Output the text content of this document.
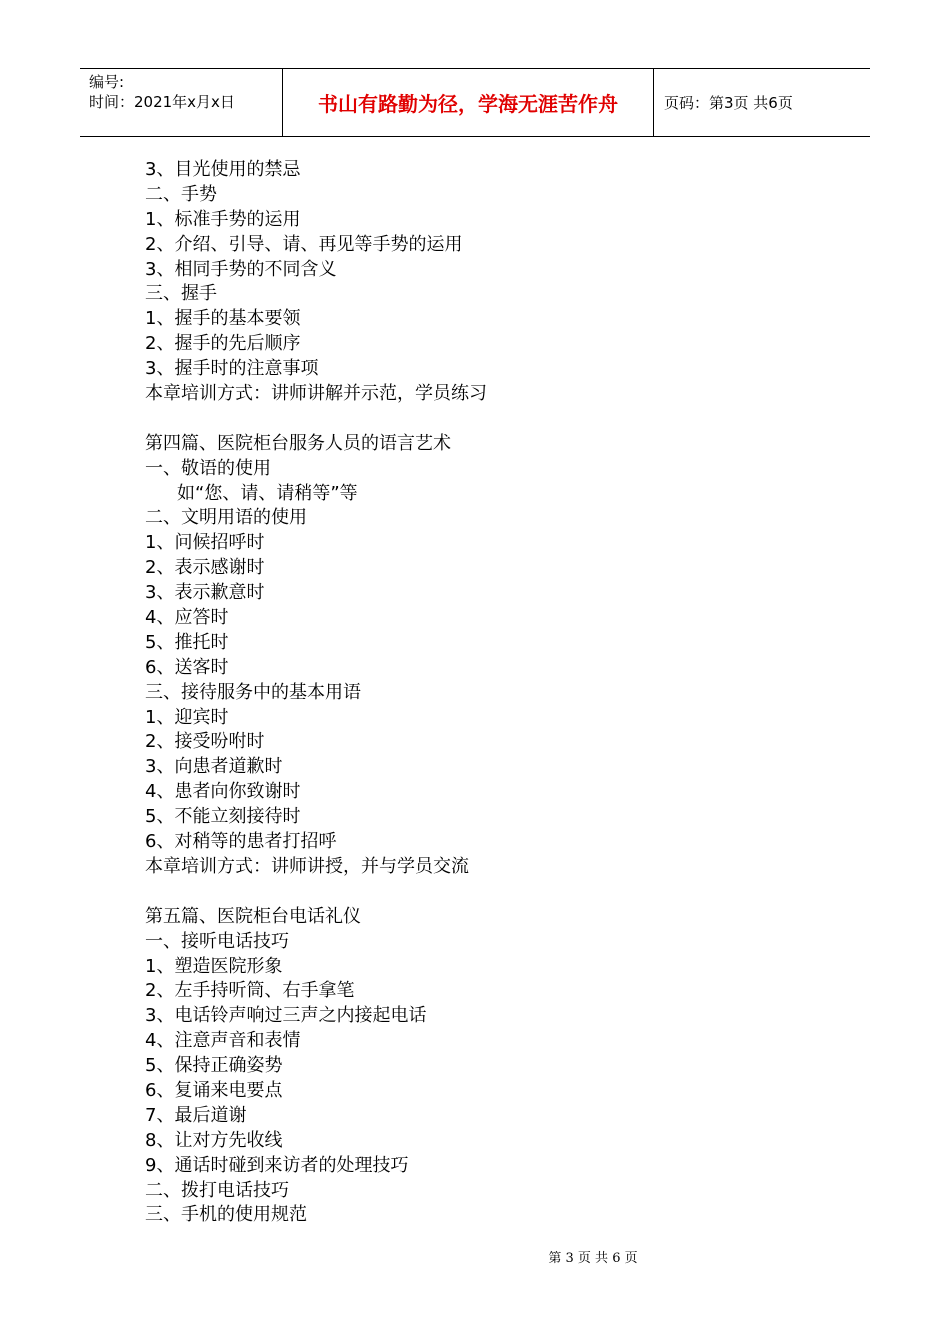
编号:
时间：2021年x月x日	书山有路勤为径，学海无涯苦作舟	页码：第3页 共6页
3、目光使用的禁忌
二、手势
1、标准手势的运用
2、介绍、引导、请、再见等手势的运用
3、相同手势的不同含义
三、握手
1、握手的基本要领
2、握手的先后顺序
3、握手时的注意事项
本章培训方式：讲师讲解并示范，学员练习
第四篇、医院柜台服务人员的语言艺术
一、敬语的使用
如“您、请、请稍等”等
二、文明用语的使用
1、问候招呼时
2、表示感谢时
3、表示歉意时
4、应答时
5、推托时
6、送客时
三、接待服务中的基本用语
1、迎宾时
2、接受吩咐时
3、向患者道歉时
4、患者向你致谢时
5、不能立刻接待时
6、对稍等的患者打招呼
本章培训方式：讲师讲授，并与学员交流
第五篇、医院柜台电话礼仪
一、接听电话技巧
1、塑造医院形象
2、左手持听筒、右手拿笔
3、电话铃声响过三声之内接起电话
4、注意声音和表情
5、保持正确姿势
6、复诵来电要点
7、最后道谢
8、让对方先收线
9、通话时碰到来访者的处理技巧
二、拨打电话技巧
三、手机的使用规范
第 3 页 共 6 页
